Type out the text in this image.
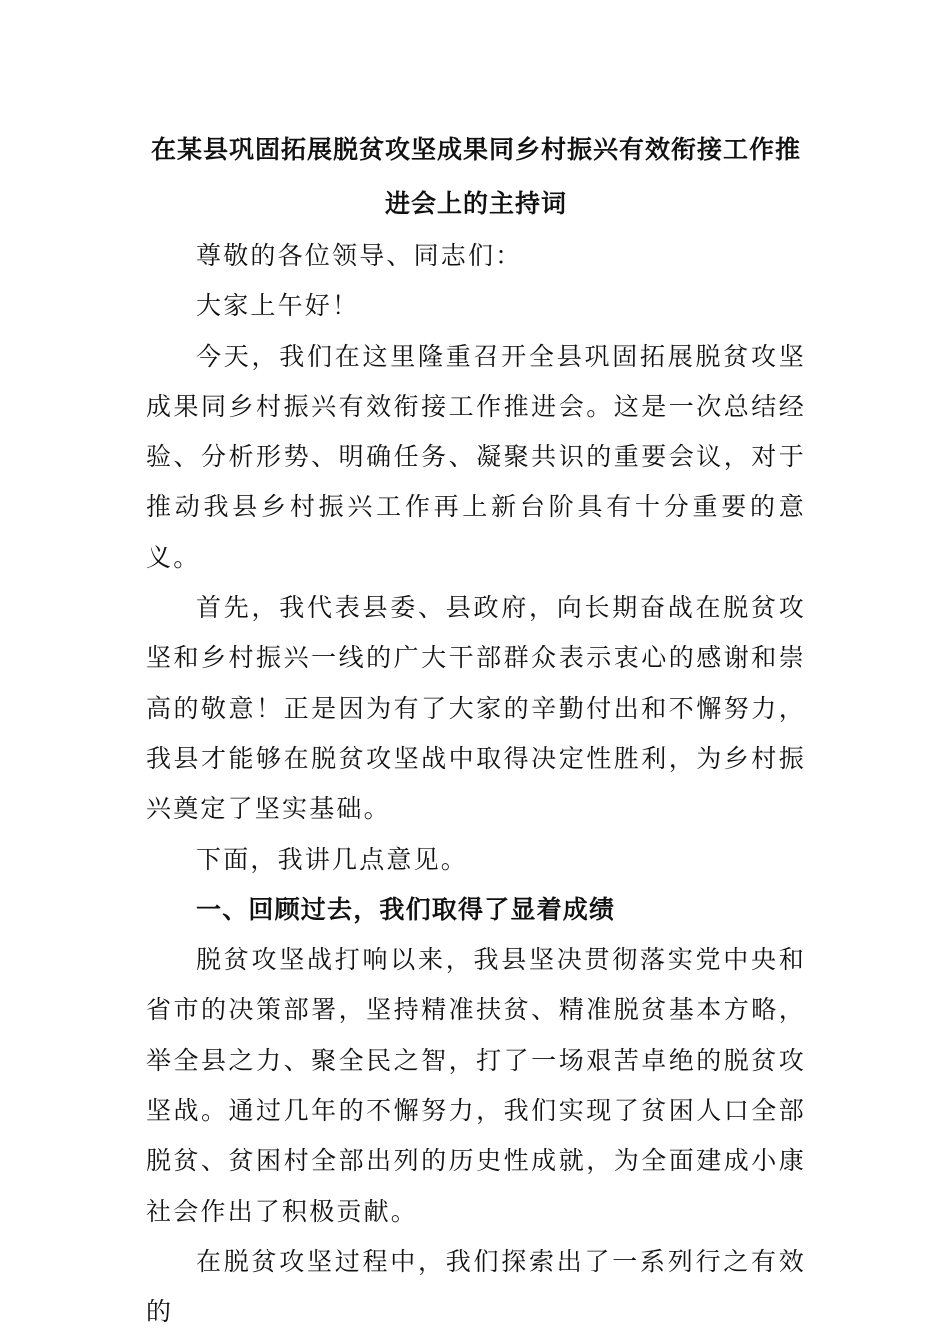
在某县巩固拓展脱贫攻坚成果同乡村振兴有效衔接工作推进会上的主持词

尊敬的各位领导、同志们：

大家上午好！

今天，我们在这里隆重召开全县巩固拓展脱贫攻坚成果同乡村振兴有效衔接工作推进会。这是一次总结经验、分析形势、明确任务、凝聚共识的重要会议，对于推动我县乡村振兴工作再上新台阶具有十分重要的意义。

首先，我代表县委、县政府，向长期奋战在脱贫攻坚和乡村振兴一线的广大干部群众表示衷心的感谢和崇高的敬意！正是因为有了大家的辛勤付出和不懈努力，我县才能够在脱贫攻坚战中取得决定性胜利，为乡村振兴奠定了坚实基础。

下面，我讲几点意见。

一、回顾过去，我们取得了显着成绩

脱贫攻坚战打响以来，我县坚决贯彻落实党中央和省市的决策部署，坚持精准扶贫、精准脱贫基本方略，举全县之力、聚全民之智，打了一场艰苦卓绝的脱贫攻坚战。通过几年的不懈努力，我们实现了贫困人口全部脱贫、贫困村全部出列的历史性成就，为全面建成小康社会作出了积极贡献。

在脱贫攻坚过程中，我们探索出了一系列行之有效的
